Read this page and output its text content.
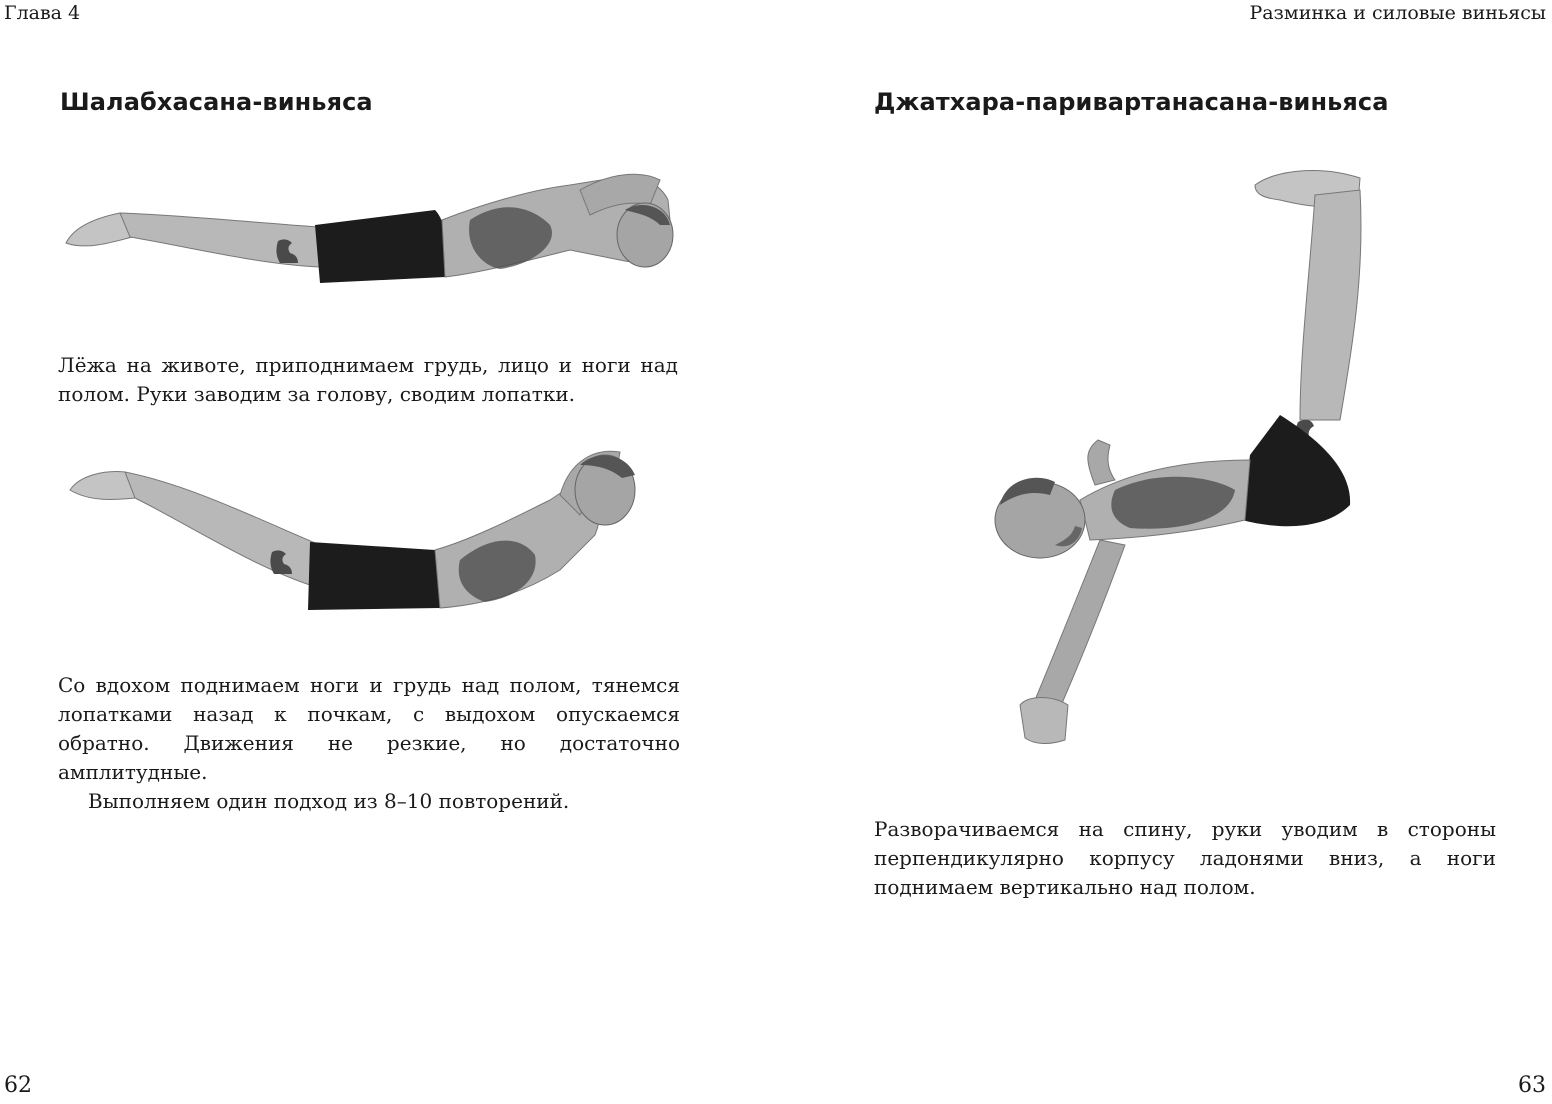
Глава 4	Разминка и силовые виньясы
Шалабхасана-виньяса

Лёжа на животе, приподнимаем грудь, лицо и ноги над полом. Руки заводим за голову, сводим лопатки.

Со вдохом поднимаем ноги и грудь над полом, тянемся лопатками назад к почкам, с выдохом опускаемся обратно. Движения не резкие, но достаточно амплитудные.

Выполняем один подход из 8–10 повторений.

62
Джатхара-паривартанасана-виньяса

Разворачиваемся на спину, руки уводим в стороны перпендикулярно корпусу ладонями вниз, а ноги поднимаем вертикально над полом.

63
